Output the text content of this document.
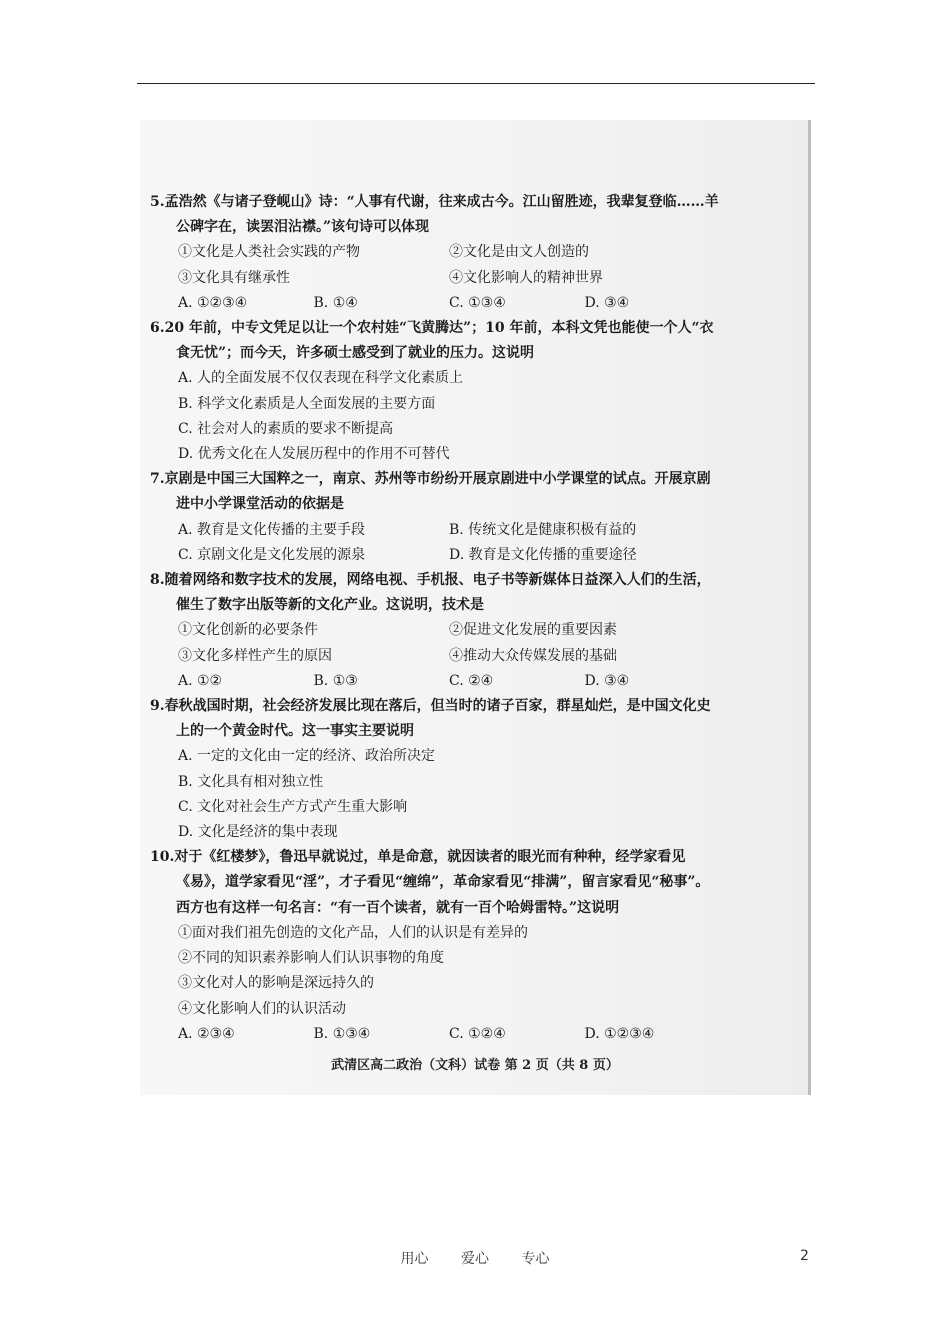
5.孟浩然《与诸子登岘山》诗：“人事有代谢，往来成古今。江山留胜迹，我辈复登临……羊公碑字在，读罢泪沾襟。”该句诗可以体现

①文化是人类社会实践的产物	②文化是由文人创造的
③文化具有继承性	④文化影响人的精神世界
A. ①②③④	B. ①④	C. ①③④	D. ③④

6.20 年前，中专文凭足以让一个农村娃“飞黄腾达”；10 年前，本科文凭也能使一个人“衣食无忧”；而今天，许多硕士感受到了就业的压力。这说明

A. 人的全面发展不仅仅表现在科学文化素质上

B. 科学文化素质是人全面发展的主要方面

C. 社会对人的素质的要求不断提高

D. 优秀文化在人发展历程中的作用不可替代

7.京剧是中国三大国粹之一，南京、苏州等市纷纷开展京剧进中小学课堂的试点。开展京剧进中小学课堂活动的依据是

A. 教育是文化传播的主要手段	B. 传统文化是健康积极有益的
C. 京剧文化是文化发展的源泉	D. 教育是文化传播的重要途径

8.随着网络和数字技术的发展，网络电视、手机报、电子书等新媒体日益深入人们的生活，催生了数字出版等新的文化产业。这说明，技术是

①文化创新的必要条件	②促进文化发展的重要因素
③文化多样性产生的原因	④推动大众传媒发展的基础
A. ①②	B. ①③	C. ②④	D. ③④

9.春秋战国时期，社会经济发展比现在落后，但当时的诸子百家，群星灿烂，是中国文化史上的一个黄金时代。这一事实主要说明

A. 一定的文化由一定的经济、政治所决定

B. 文化具有相对独立性

C. 文化对社会生产方式产生重大影响

D. 文化是经济的集中表现

10.对于《红楼梦》，鲁迅早就说过，单是命意，就因读者的眼光而有种种，经学家看见《易》，道学家看见“淫”，才子看见“缠绵”，革命家看见“排满”，留言家看见“秘事”。西方也有这样一句名言：“有一百个读者，就有一百个哈姆雷特。”这说明

①面对我们祖先创造的文化产品，人们的认识是有差异的

②不同的知识素养影响人们认识事物的角度

③文化对人的影响是深远持久的

④文化影响人们的认识活动

A. ②③④	B. ①③④	C. ①②④	D. ①②③④
武清区高二政治（文科）试卷 第 2 页（共 8 页）
用心 爱心 专心	2
